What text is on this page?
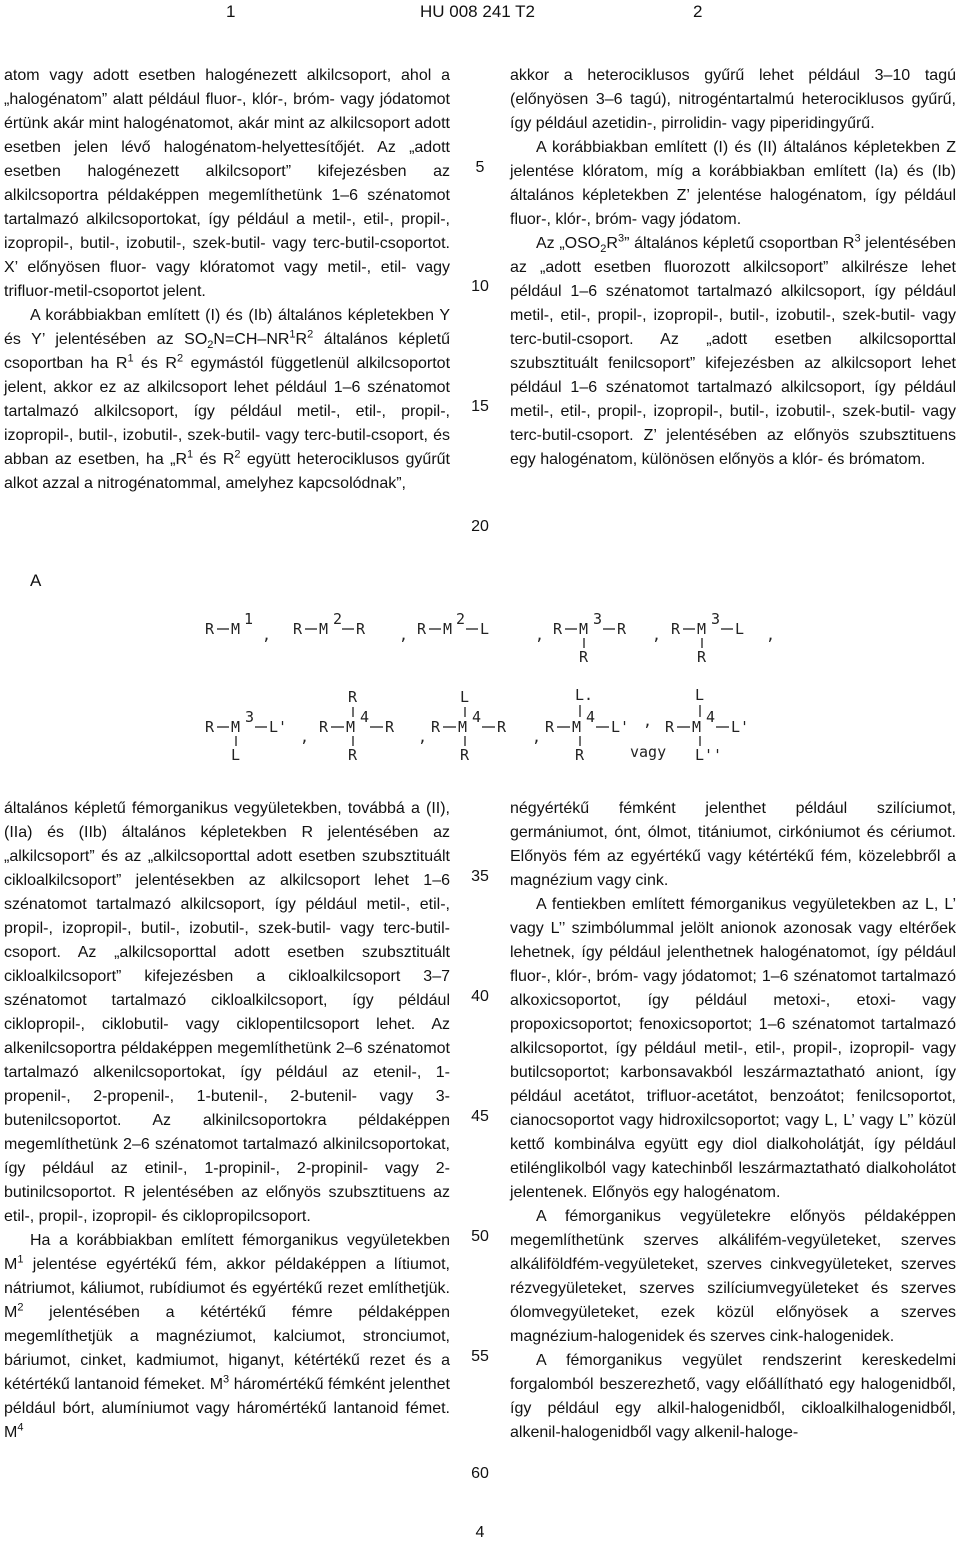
1	HU 008 241 T2	2

atom vagy adott esetben halogénezett alkilcsoport, ahol a „halogénatom” alatt például fluor-, klór-, bróm- vagy jódatomot értünk akár mint halogénatomot, akár mint az alkilcsoport adott esetben jelen lévő halogénatom-helyettesítőjét. Az „adott esetben halogénezett alkilcsoport” kifejezésben az alkilcsoportra példaképpen megemlíthetünk 1–6 szénatomot tartalmazó alkilcsoportokat, így például a metil-, etil-, propil-, izopropil-, butil-, izobutil-, szek-butil- vagy terc-butil-csoportot. X’ előnyösen fluor- vagy klóratomot vagy metil-, etil- vagy trifluor-metil-csoportot jelent.

A korábbiakban említett (I) és (Ib) általános képletekben Y és Y’ jelentésében az $SO_2N=CH-NR^1R^2$ általános képletű csoportban ha $R^1$ és $R^2$ egymástól függetlenül alkilcsoportot jelent, akkor ez az alkilcsoport lehet például 1–6 szénatomot tartalmazó alkilcsoport, így például metil-, etil-, propil-, izopropil-, butil-, izobutil-, szek-butil- vagy terc-butil-csoport, és abban az esetben, ha $„R^1$ és $R^2$ együtt heterociklusos gyűrűt alkot azzal a nitrogénatommal, amelyhez kapcsolódnak”,

akkor a heterociklusos gyűrű lehet például 3–10 tagú (előnyösen 3–6 tagú), nitrogéntartalmú heterociklusos gyűrű, így például azetidin-, pirrolidin- vagy piperidingyűrű.

A korábbiakban említett (I) és (II) általános képletekben Z jelentése klóratom, míg a korábbiakban említett (Ia) és (Ib) általános képletekben Z’ jelentése halogénatom, így például fluor-, klór-, bróm- vagy jódatom.

Az $„OSO_2R^3$” általános képletű csoportban $R^3$ jelentésében az „adott esetben fluorozott alkilcsoport” alkilrésze lehet például 1–6 szénatomot tartalmazó alkilcsoport, így például metil-, etil-, propil-, izopropil-, butil-, izobutil-, szek-butil- vagy terc-butil-csoport. Az „adott esetben alkilcsoporttal szubsztituált fenilcsoport” kifejezésben az alkilcsoport lehet például 1–6 szénatomot tartalmazó alkilcsoport, így például metil-, etil-, propil-, izopropil-, butil-, izobutil-, szek-butil- vagy terc-butil-csoport. Z’ jelentésében az előnyös szubsztituens egy halogénatom, különösen előnyös a klór- és brómatom.

5
10
15
20
A
R M
1
, R M
2
R , R M
2
L	, R M
3
R
R
, R M
3
L
R
,
R M
3
L'
L
,
R
R M
4
R
R
,
L
R M
4
R
R
,
L.
R M
4
L'
R
,
L
R M
4
L'
L''
vagy

általános képletű fémorganikus vegyületekben, továbbá a (II), (IIa) és (IIb) általános képletekben R jelentésében az „alkilcsoport” és az „alkilcsoporttal adott esetben szubsztituált cikloalkilcsoport” jelentésekben az alkilcsoport lehet 1–6 szénatomot tartalmazó alkilcsoport, így például metil-, etil-, propil-, izopropil-, butil-, izobutil-, szek-butil- vagy terc-butil-csoport. Az „alkilcsoporttal adott esetben szubsztituált cikloalkilcsoport” kifejezésben a cikloalkilcsoport 3–7 szénatomot tartalmazó cikloalkilcsoport, így például ciklopropil-, ciklobutil- vagy ciklopentilcsoport lehet. Az alkenilcsoportra példaképpen megemlíthetünk 2–6 szénatomot tartalmazó alkenilcsoportokat, így például az etenil-, 1-propenil-, 2-propenil-, 1-butenil-, 2-butenil- vagy 3-butenilcsoportot. Az alkinilcsoportokra példaképpen megemlíthetünk 2–6 szénatomot tartalmazó alkinilcsoportokat, így például az etinil-, 1-propinil-, 2-propinil- vagy 2-butinilcsoportot. R jelentésében az előnyös szubsztituens az etil-, propil-, izopropil- és ciklopropilcsoport.

Ha a korábbiakban említett fémorganikus vegyületekben $M^1$ jelentése egyértékű fém, akkor példaképpen a lítiumot, nátriumot, káliumot, rubídiumot és egyértékű rezet említhetjük. $M^2$ jelentésében a kétértékű fémre példaképpen megemlíthetjük a magnéziumot, kalciumot, stronciumot, báriumot, cinket, kadmiumot, higanyt, kétértékű rezet és a kétértékű lantanoid fémeket. $M^3$ háromértékű fémként jelenthet például bórt, alumíniumot vagy háromértékű lantanoid fémet. $M^4$

négyértékű fémként jelenthet például szilíciumot, germániumot, ónt, ólmot, titániumot, cirkóniumot és cériumot. Előnyös fém az egyértékű vagy kétértékű fém, közelebbről a magnézium vagy cink.

A fentiekben említett fémorganikus vegyületekben az L, L’ vagy L’’ szimbólummal jelölt anionok azonosak vagy eltérőek lehetnek, így például jelenthetnek halogénatomot, így például fluor-, klór-, bróm- vagy jódatomot; 1–6 szénatomot tartalmazó alkoxicsoportot, így például metoxi-, etoxi- vagy propoxicsoportot; fenoxicsoportot; 1–6 szénatomot tartalmazó alkilcsoportot, így például metil-, etil-, propil-, izopropil- vagy butilcsoportot; karbonsavakból leszármaztatható aniont, így például acetátot, trifluor-acetátot, benzoátot; fenilcsoportot, cianocsoportot vagy hidroxilcsoportot; vagy L, L’ vagy L’’ közül kettő kombinálva együtt egy diol dialkoholátját, így például etilénglikolból vagy katechinből leszármaztatható dialkoholátot jelentenek. Előnyös egy halogénatom.

A fémorganikus vegyületekre előnyös példaképpen megemlíthetünk szerves alkálifém-vegyületeket, szerves alkáliföldfém-vegyületeket, szerves cinkvegyületeket, szerves rézvegyületeket, szerves szilíciumvegyületeket és szerves ólomvegyületeket, ezek közül előnyösek a szerves magnézium-halogenidek és szerves cink-halogenidek.

A fémorganikus vegyület rendszerint kereskedelmi forgalomból beszerezhető, vagy előállítható egy halogenidből, így például egy alkil-halogenidből, cikloalkilhalogenidből, alkenil-halogenidből vagy alkenil-haloge-

35
40
45
50
55
60
4
